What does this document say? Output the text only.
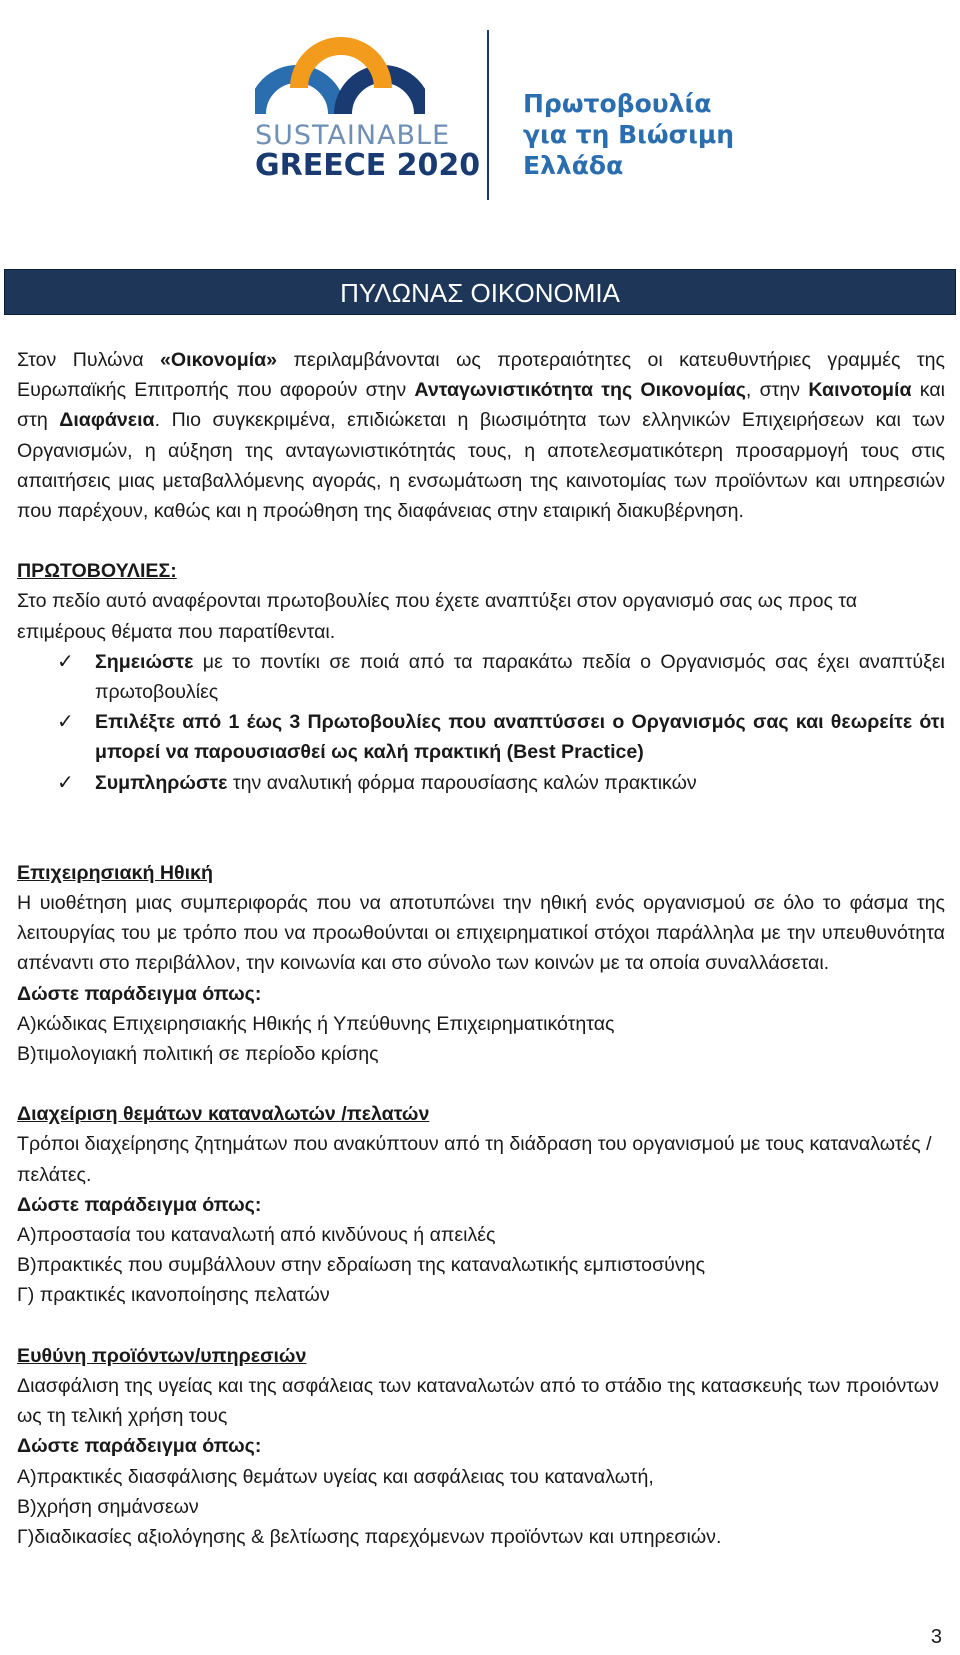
SUSTAINABLE
GREECE 2020
Πρωτοβουλία
για τη Βιώσιμη
Ελλάδα
ΠΥΛΩΝΑΣ ΟΙΚΟΝΟΜΙΑ

Στον Πυλώνα «Οικονομία» περιλαμβάνονται ως προτεραιότητες οι κατευθυντήριες γραμμές της Ευρωπαϊκής Επιτροπής που αφορούν στην Ανταγωνιστικότητα της Οικονομίας, στην Καινοτομία και στη Διαφάνεια. Πιο συγκεκριμένα, επιδιώκεται η βιωσιμότητα των ελληνικών Επιχειρήσεων και των Οργανισμών, η αύξηση της ανταγωνιστικότητάς τους, η αποτελεσματικότερη προσαρμογή τους στις απαιτήσεις μιας μεταβαλλόμενης αγοράς, η ενσωμάτωση της καινοτομίας των προϊόντων και υπηρεσιών που παρέχουν, καθώς και η προώθηση της διαφάνειας στην εταιρική διακυβέρνηση.

ΠΡΩΤΟΒΟΥΛΙΕΣ:

Στο πεδίο αυτό αναφέρονται πρωτοβουλίες που έχετε αναπτύξει στον οργανισμό σας ως προς τα επιμέρους θέματα που παρατίθενται.

✓ Σημειώστε με το ποντίκι σε ποιά από τα παρακάτω πεδία ο Οργανισμός σας έχει αναπτύξει πρωτοβουλίες
✓ Επιλέξτε από 1 έως 3 Πρωτοβουλίες που αναπτύσσει ο Οργανισμός σας και θεωρείτε ότι μπορεί να παρουσιασθεί ως καλή πρακτική (Best Practice)
✓ Συμπληρώστε την αναλυτική φόρμα παρουσίασης καλών πρακτικών

Επιχειρησιακή Ηθική

Η υιοθέτηση μιας συμπεριφοράς που να αποτυπώνει την ηθική ενός οργανισμού σε όλο το φάσμα της λειτουργίας του με τρόπο που να προωθούνται οι επιχειρηματικοί στόχοι παράλληλα με την υπευθυνότητα απέναντι στο περιβάλλον, την κοινωνία και στο σύνολο των κοινών με τα οποία συναλλάσεται.

Δώστε παράδειγμα όπως:

Α)κώδικας Επιχειρησιακής Ηθικής ή Υπεύθυνης Επιχειρηματικότητας

Β)τιμολογιακή πολιτική σε περίοδο κρίσης

Διαχείριση θεμάτων καταναλωτών /πελατών

Τρόποι διαχείρησης ζητημάτων που ανακύπτουν από τη διάδραση του οργανισμού με τους καταναλωτές /πελάτες.

Δώστε παράδειγμα όπως:

Α)προστασία του καταναλωτή από κινδύνους ή απειλές

Β)πρακτικές που συμβάλλουν στην εδραίωση της καταναλωτικής εμπιστοσύνης

Γ) πρακτικές ικανοποίησης πελατών

Ευθύνη προϊόντων/υπηρεσιών

Διασφάλιση της υγείας και της ασφάλειας των καταναλωτών από το στάδιο της κατασκευής των προιόντων ως τη τελική χρήση τους

Δώστε παράδειγμα όπως:

Α)πρακτικές διασφάλισης θεμάτων υγείας και ασφάλειας του καταναλωτή,

Β)χρήση σημάνσεων

Γ)διαδικασίες αξιολόγησης & βελτίωσης παρεχόμενων προϊόντων και υπηρεσιών.

3
